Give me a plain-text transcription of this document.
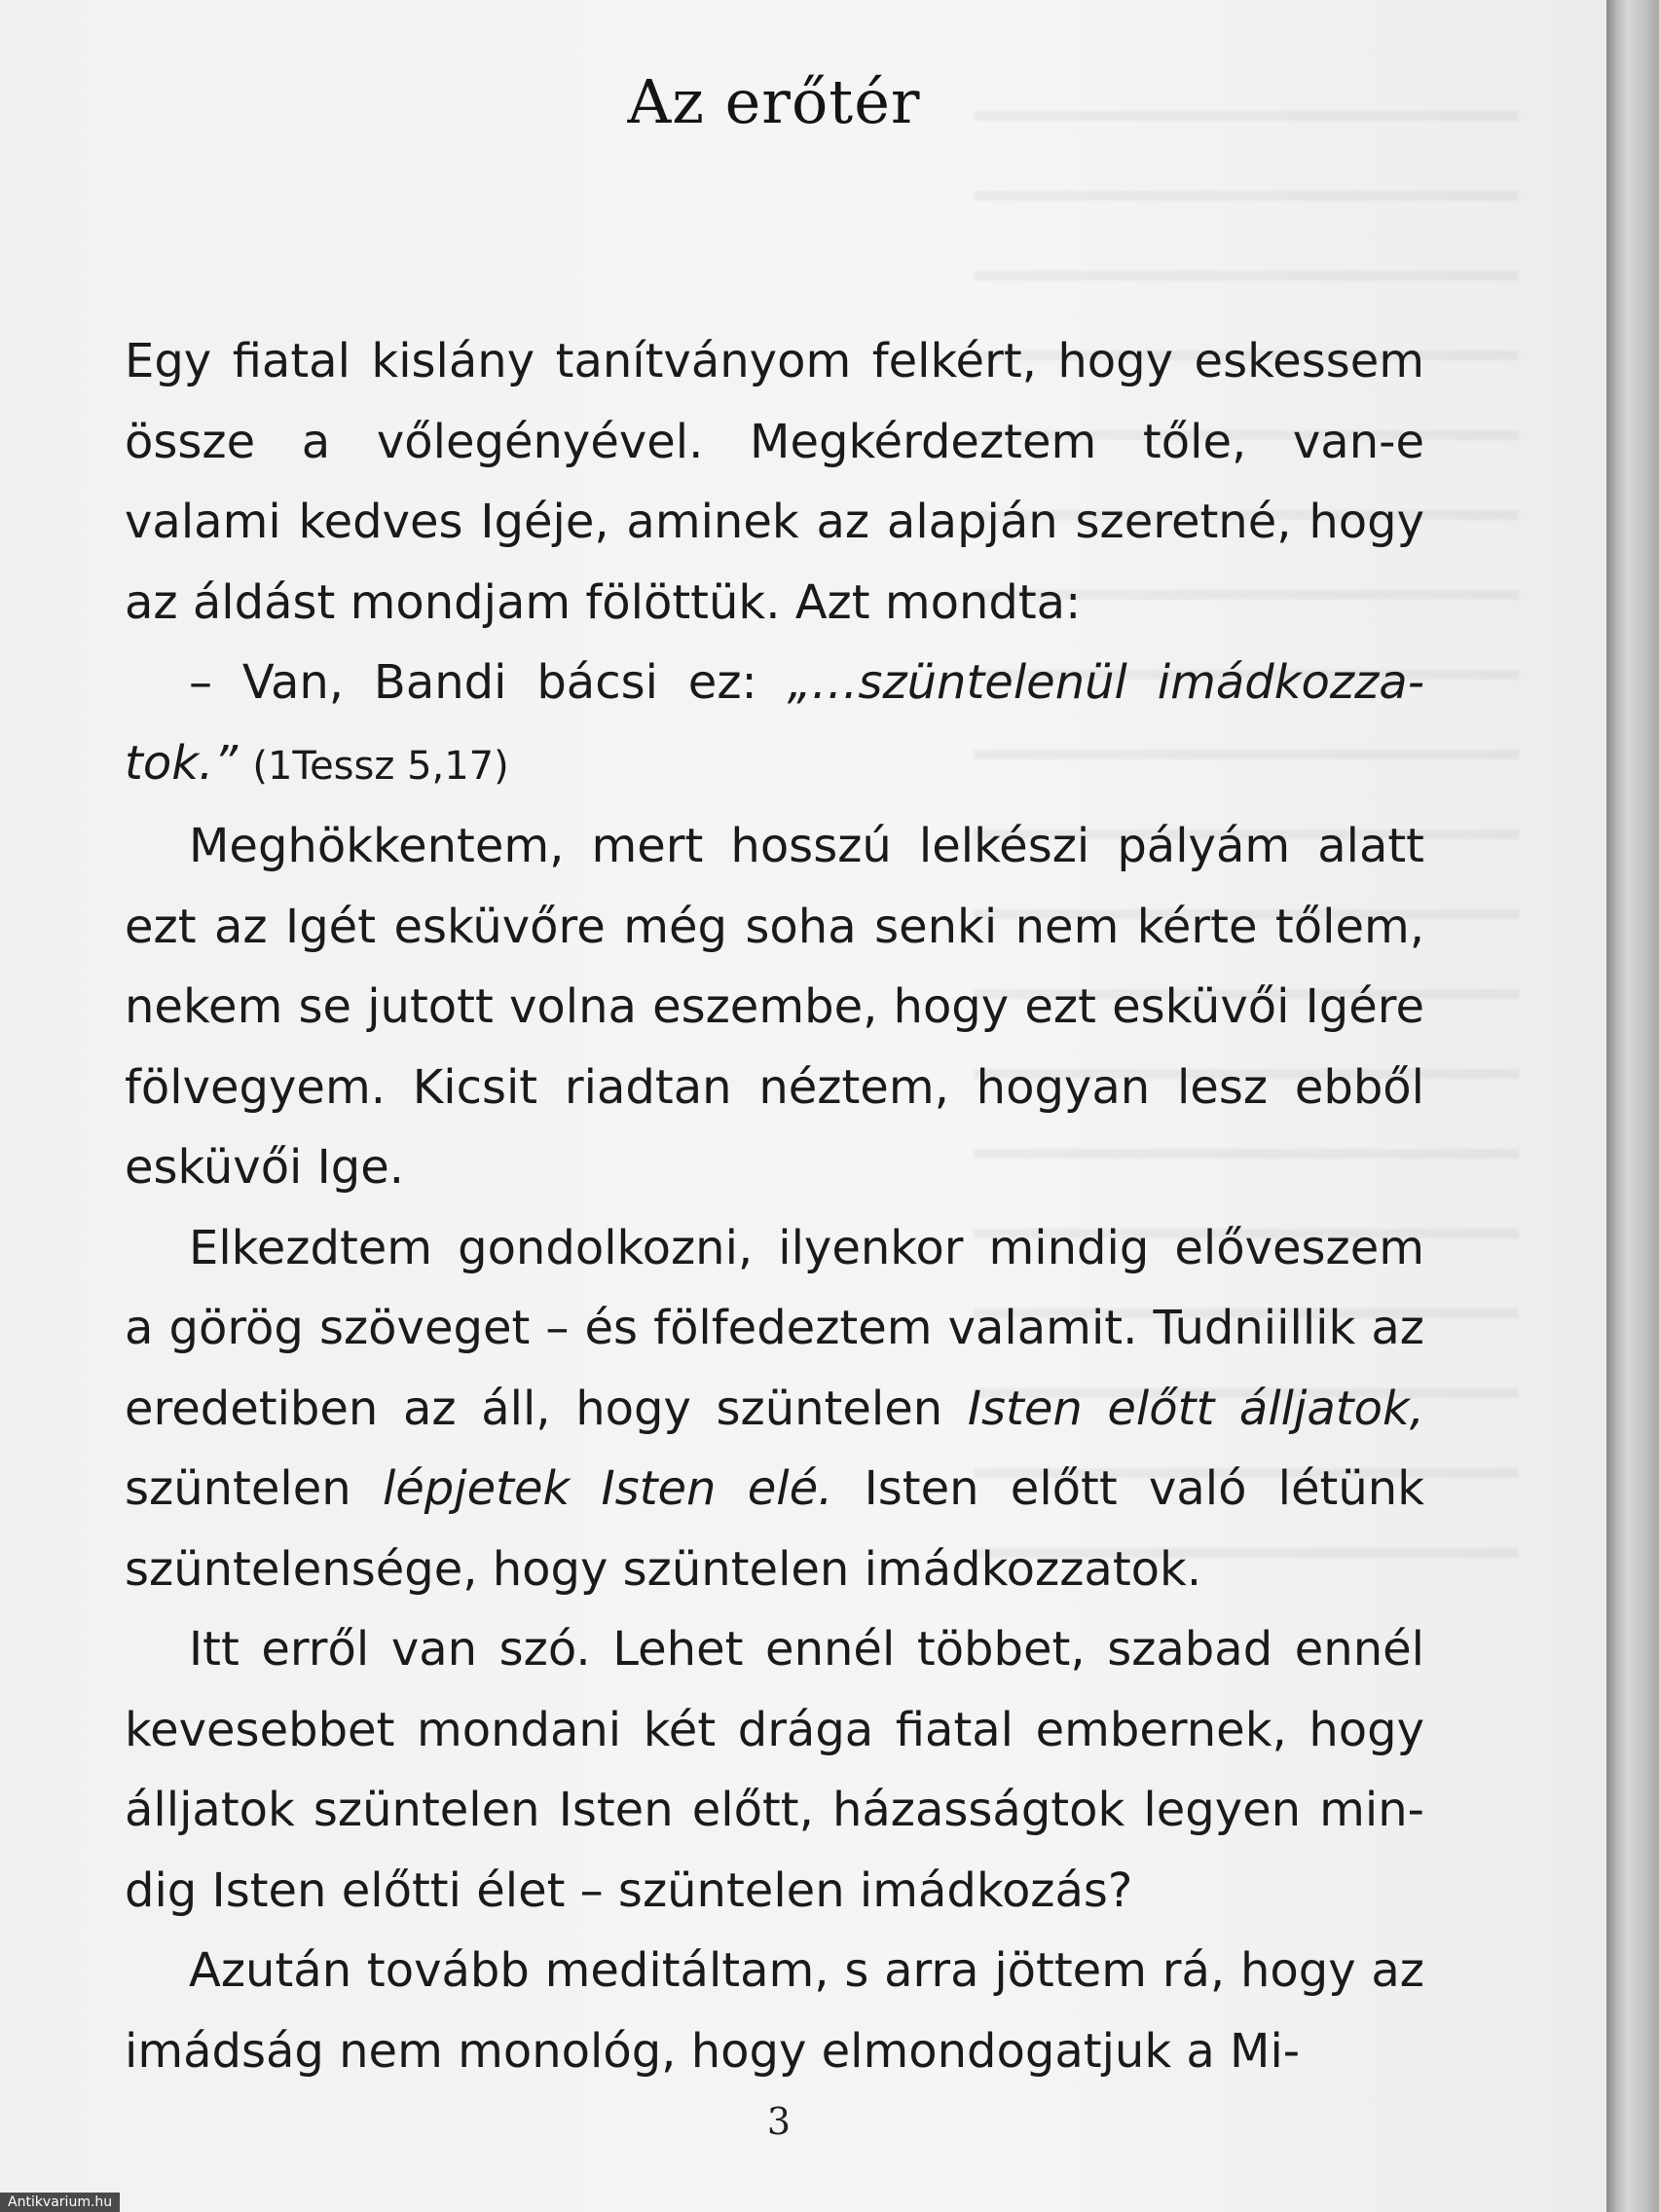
Az erőtér

Egy fiatal kislány tanítványom felkért, hogy eskessem össze a vőlegényével. Megkérdeztem tőle, van-e valami kedves Igéje, aminek az alapján szeretné, hogy az áldást mondjam fölöttük. Azt mondta:

– Van, Bandi bácsi ez: „…szüntelenül imádkozzatok.” (1Tessz 5,17)

Meghökkentem, mert hosszú lelkészi pályám alatt ezt az Igét esküvőre még soha senki nem kérte tőlem, nekem se jutott volna eszembe, hogy ezt esküvői Igére fölvegyem. Kicsit riadtan néztem, hogyan lesz ebből esküvői Ige.

Elkezdtem gondolkozni, ilyenkor mindig előveszem a görög szöveget – és fölfedeztem valamit. Tudniillik az eredetiben az áll, hogy szüntelen Isten előtt álljatok, szüntelen lépjetek Isten elé. Isten előtt való létünk szüntelensége, hogy szüntelen imádkozzatok.

Itt erről van szó. Lehet ennél többet, szabad ennél kevesebbet mondani két drága fiatal embernek, hogy álljatok szüntelen Isten előtt, házasságtok legyen mindig Isten előtti élet – szüntelen imádkozás?

Azután tovább meditáltam, s arra jöttem rá, hogy az imádság nem monológ, hogy elmondogatjuk a Mi-

3
Antikvarium.hu
